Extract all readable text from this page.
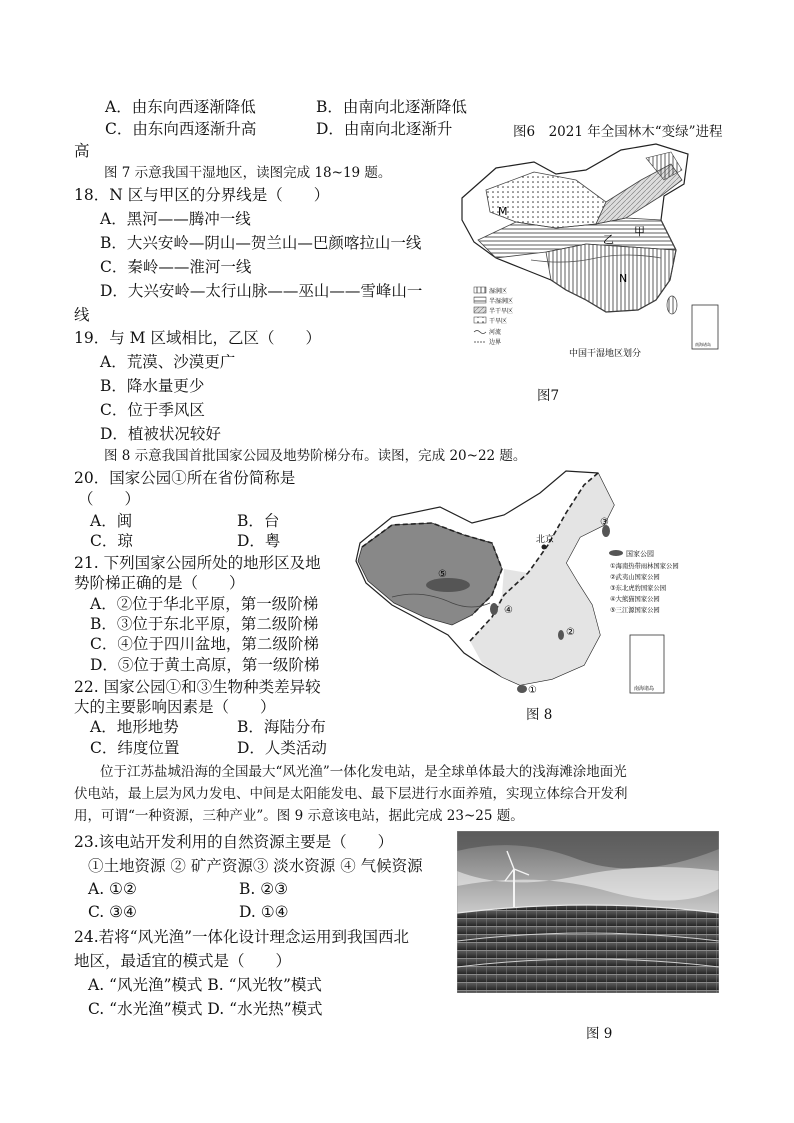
A．由东向西逐渐降低	B．由南向北逐渐降低
C．由东向西逐渐升高	D．由南向北逐渐升
高
图6　2021 年全国林木“变绿”进程
图 7 示意我国干湿地区，读图完成 18~19 题。
18．N 区与甲区的分界线是（　　）
A．黑河——腾冲一线
B．大兴安岭—阴山—贺兰山—巴颜喀拉山一线
C．秦岭——淮河一线
D．大兴安岭—太行山脉——巫山——雪峰山一
线
19．与 M 区域相比，乙区（　　）
A．荒漠、沙漠更广
B．降水量更少
C．位于季风区
D．植被状况较好
M
乙
甲
N
湿润区
半湿润区
半干旱区
干旱区
河流
边界	南海诸岛
中国干湿地区划分
图7
图 8 示意我国首批国家公园及地势阶梯分布。读图，完成 20~22 题。
20．国家公园①所在省份简称是
（　　）
A．闽	B．台
C．琼	D．粤
21. 下列国家公园所处的地形区及地
势阶梯正确的是（　　）
A．②位于华北平原，第一级阶梯
B．③位于东北平原，第二级阶梯
C．④位于四川盆地，第二级阶梯
D．⑤位于黄土高原，第一级阶梯
22. 国家公园①和③生物种类差异较
大的主要影响因素是（　　）
A．地形地势	B．海陆分布
C．纬度位置	D．人类活动
北京
⑤
④
②
③
①
国家公园
①海南热带雨林国家公园
②武夷山国家公园
③东北虎豹国家公园
④大熊猫国家公园
⑤三江源国家公园
南海诸岛
图 8
位于江苏盐城沿海的全国最大“风光渔”一体化发电站，是全球单体最大的浅海滩涂地面光
伏电站，最上层为风力发电、中间是太阳能发电、最下层进行水面养殖，实现立体综合开发利
用，可谓“一种资源，三种产业”。图 9 示意该电站，据此完成 23~25 题。
23.该电站开发利用的自然资源主要是（　　）
①土地资源 ② 矿产资源③ 淡水资源 ④ 气候资源
A. ①②	B. ②③
C. ③④	D. ①④
24.若将“风光渔”一体化设计理念运用到我国西北
地区，最适宜的模式是（　　）
A. “风光渔”模式 B. “风光牧”模式
C. “水光渔”模式 D. “水光热”模式
图 9
